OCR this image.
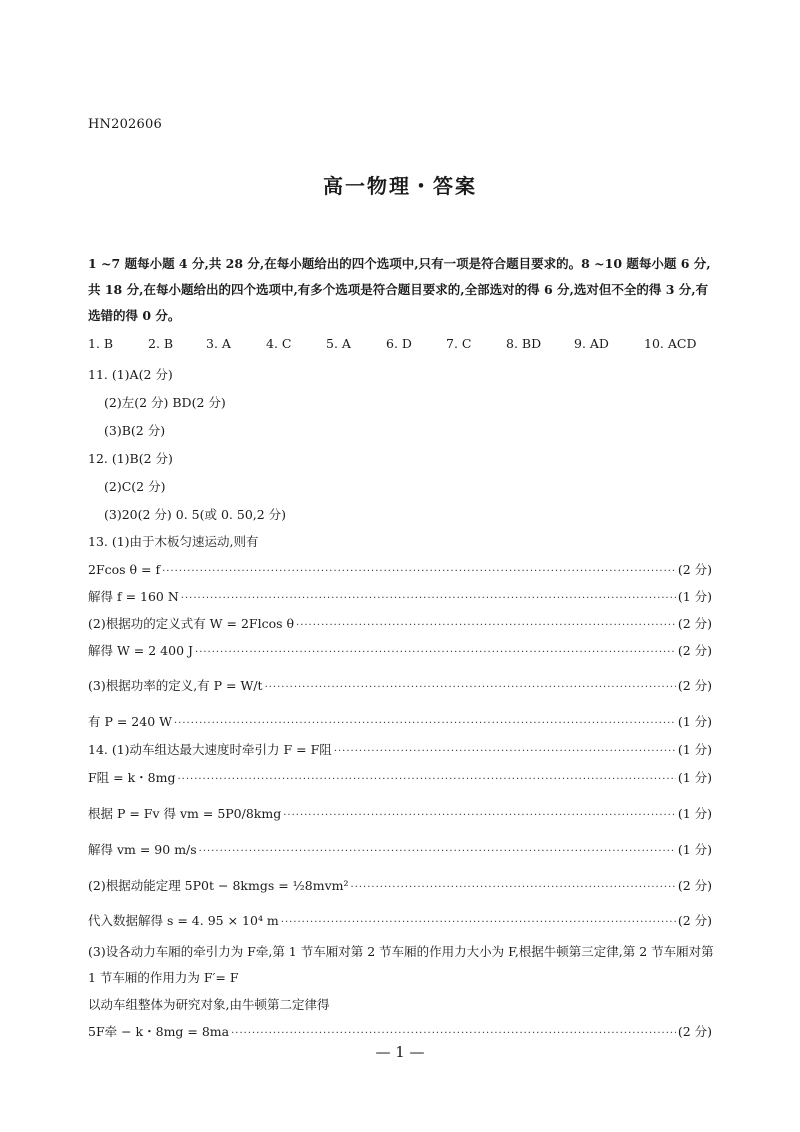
HN202606
高一物理・答案
1 ~7 题每小题 4 分,共 28 分,在每小题给出的四个选项中,只有一项是符合题目要求的。8 ~10 题每小题 6 分,共 18 分,在每小题给出的四个选项中,有多个选项是符合题目要求的,全部选对的得 6 分,选对但不全的得 3 分,有选错的得 0 分。
1. B	2. B	3. A	4. C	5. A	6. D	7. C	8. BD	9. AD	10. ACD
11. (1)A(2 分)
(2)左(2 分) BD(2 分)
(3)B(2 分)
12. (1)B(2 分)
(2)C(2 分)
(3)20(2 分) 0. 5(或 0. 50,2 分)
13. (1)由于木板匀速运动,则有
2Fcos θ = f ·····	(2 分)
解得 f = 160 N ·····	(1 分)
(2)根据功的定义式有 W = 2Flcos θ ·····	(2 分)
解得 W = 2 400 J ·····	(2 分)
(3)根据功率的定义,有 P = W/t ·····	(2 分)
有 P = 240 W ·····	(1 分)
14. (1)动车组达最大速度时牵引力 F = F阻 ·····	(1 分)
F阻 = k・8mg ·····	(1 分)
根据 P = Fv 得 vm = 5P0/8kmg ·····	(1 分)
解得 vm = 90 m/s ·····	(1 分)
(2)根据动能定理 5P0t − 8kmgs = ½8mvm² ·····	(2 分)
代入数据解得 s = 4. 95 × 10⁴ m ·····	(2 分)
(3)设各动力车厢的牵引力为 F牵,第 1 节车厢对第 2 节车厢的作用力大小为 F,根据牛顿第三定律,第 2 节车厢对第 1 节车厢的作用力为 F′= F
以动车组整体为研究对象,由牛顿第二定律得
5F牵 − k・8mg = 8ma ·····	(2 分)
— 1 —
